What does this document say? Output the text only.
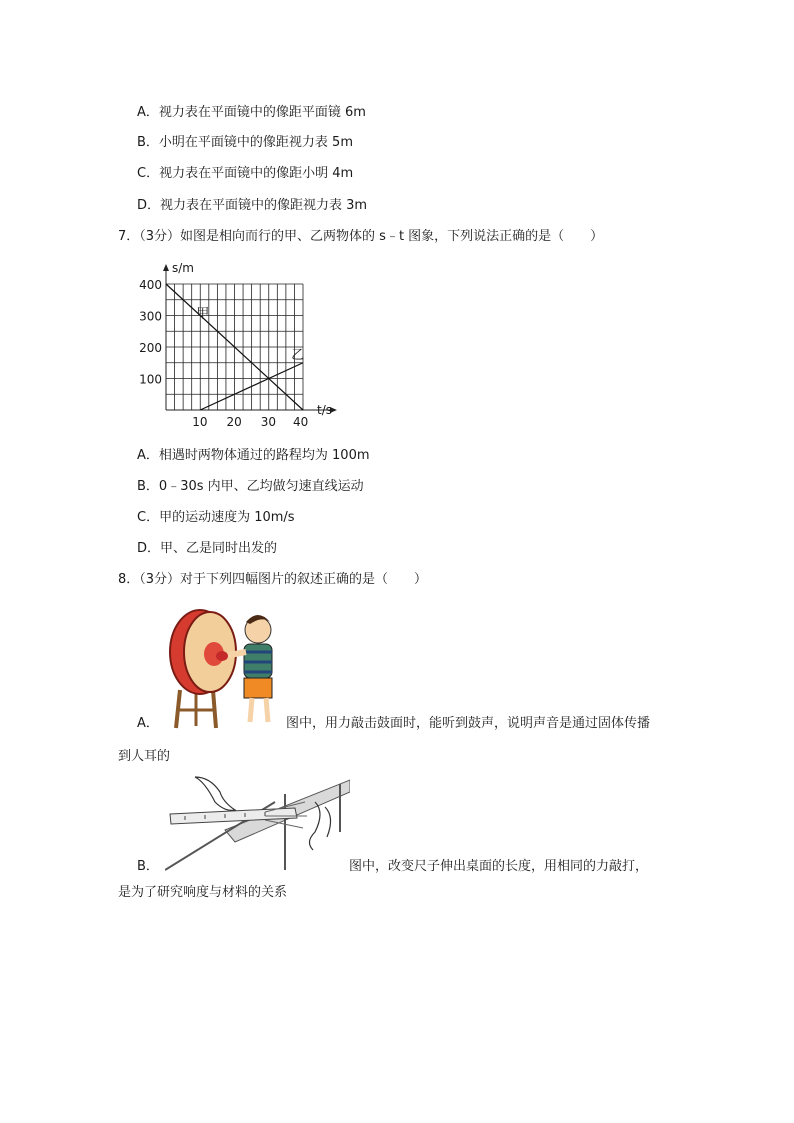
A．视力表在平面镜中的像距平面镜 6m
B．小明在平面镜中的像距视力表 5m
C．视力表在平面镜中的像距小明 4m
D．视力表在平面镜中的像距视力表 3m
7．（3分）如图是相向而行的甲、乙两物体的 s﹣t 图象，下列说法正确的是（　　）
s/m
t/s
10 20 30 40
100
200
300
400
甲
乙
A．相遇时两物体通过的路程均为 100m
B．0﹣30s 内甲、乙均做匀速直线运动
C．甲的运动速度为 10m/s
D．甲、乙是同时出发的
8．（3分）对于下列四幅图片的叙述正确的是（　　）
A．	图中，用力敲击鼓面时，能听到鼓声，说明声音是通过固体传播
到人耳的
B．	图中，改变尺子伸出桌面的长度，用相同的力敲打，
是为了研究响度与材料的关系
